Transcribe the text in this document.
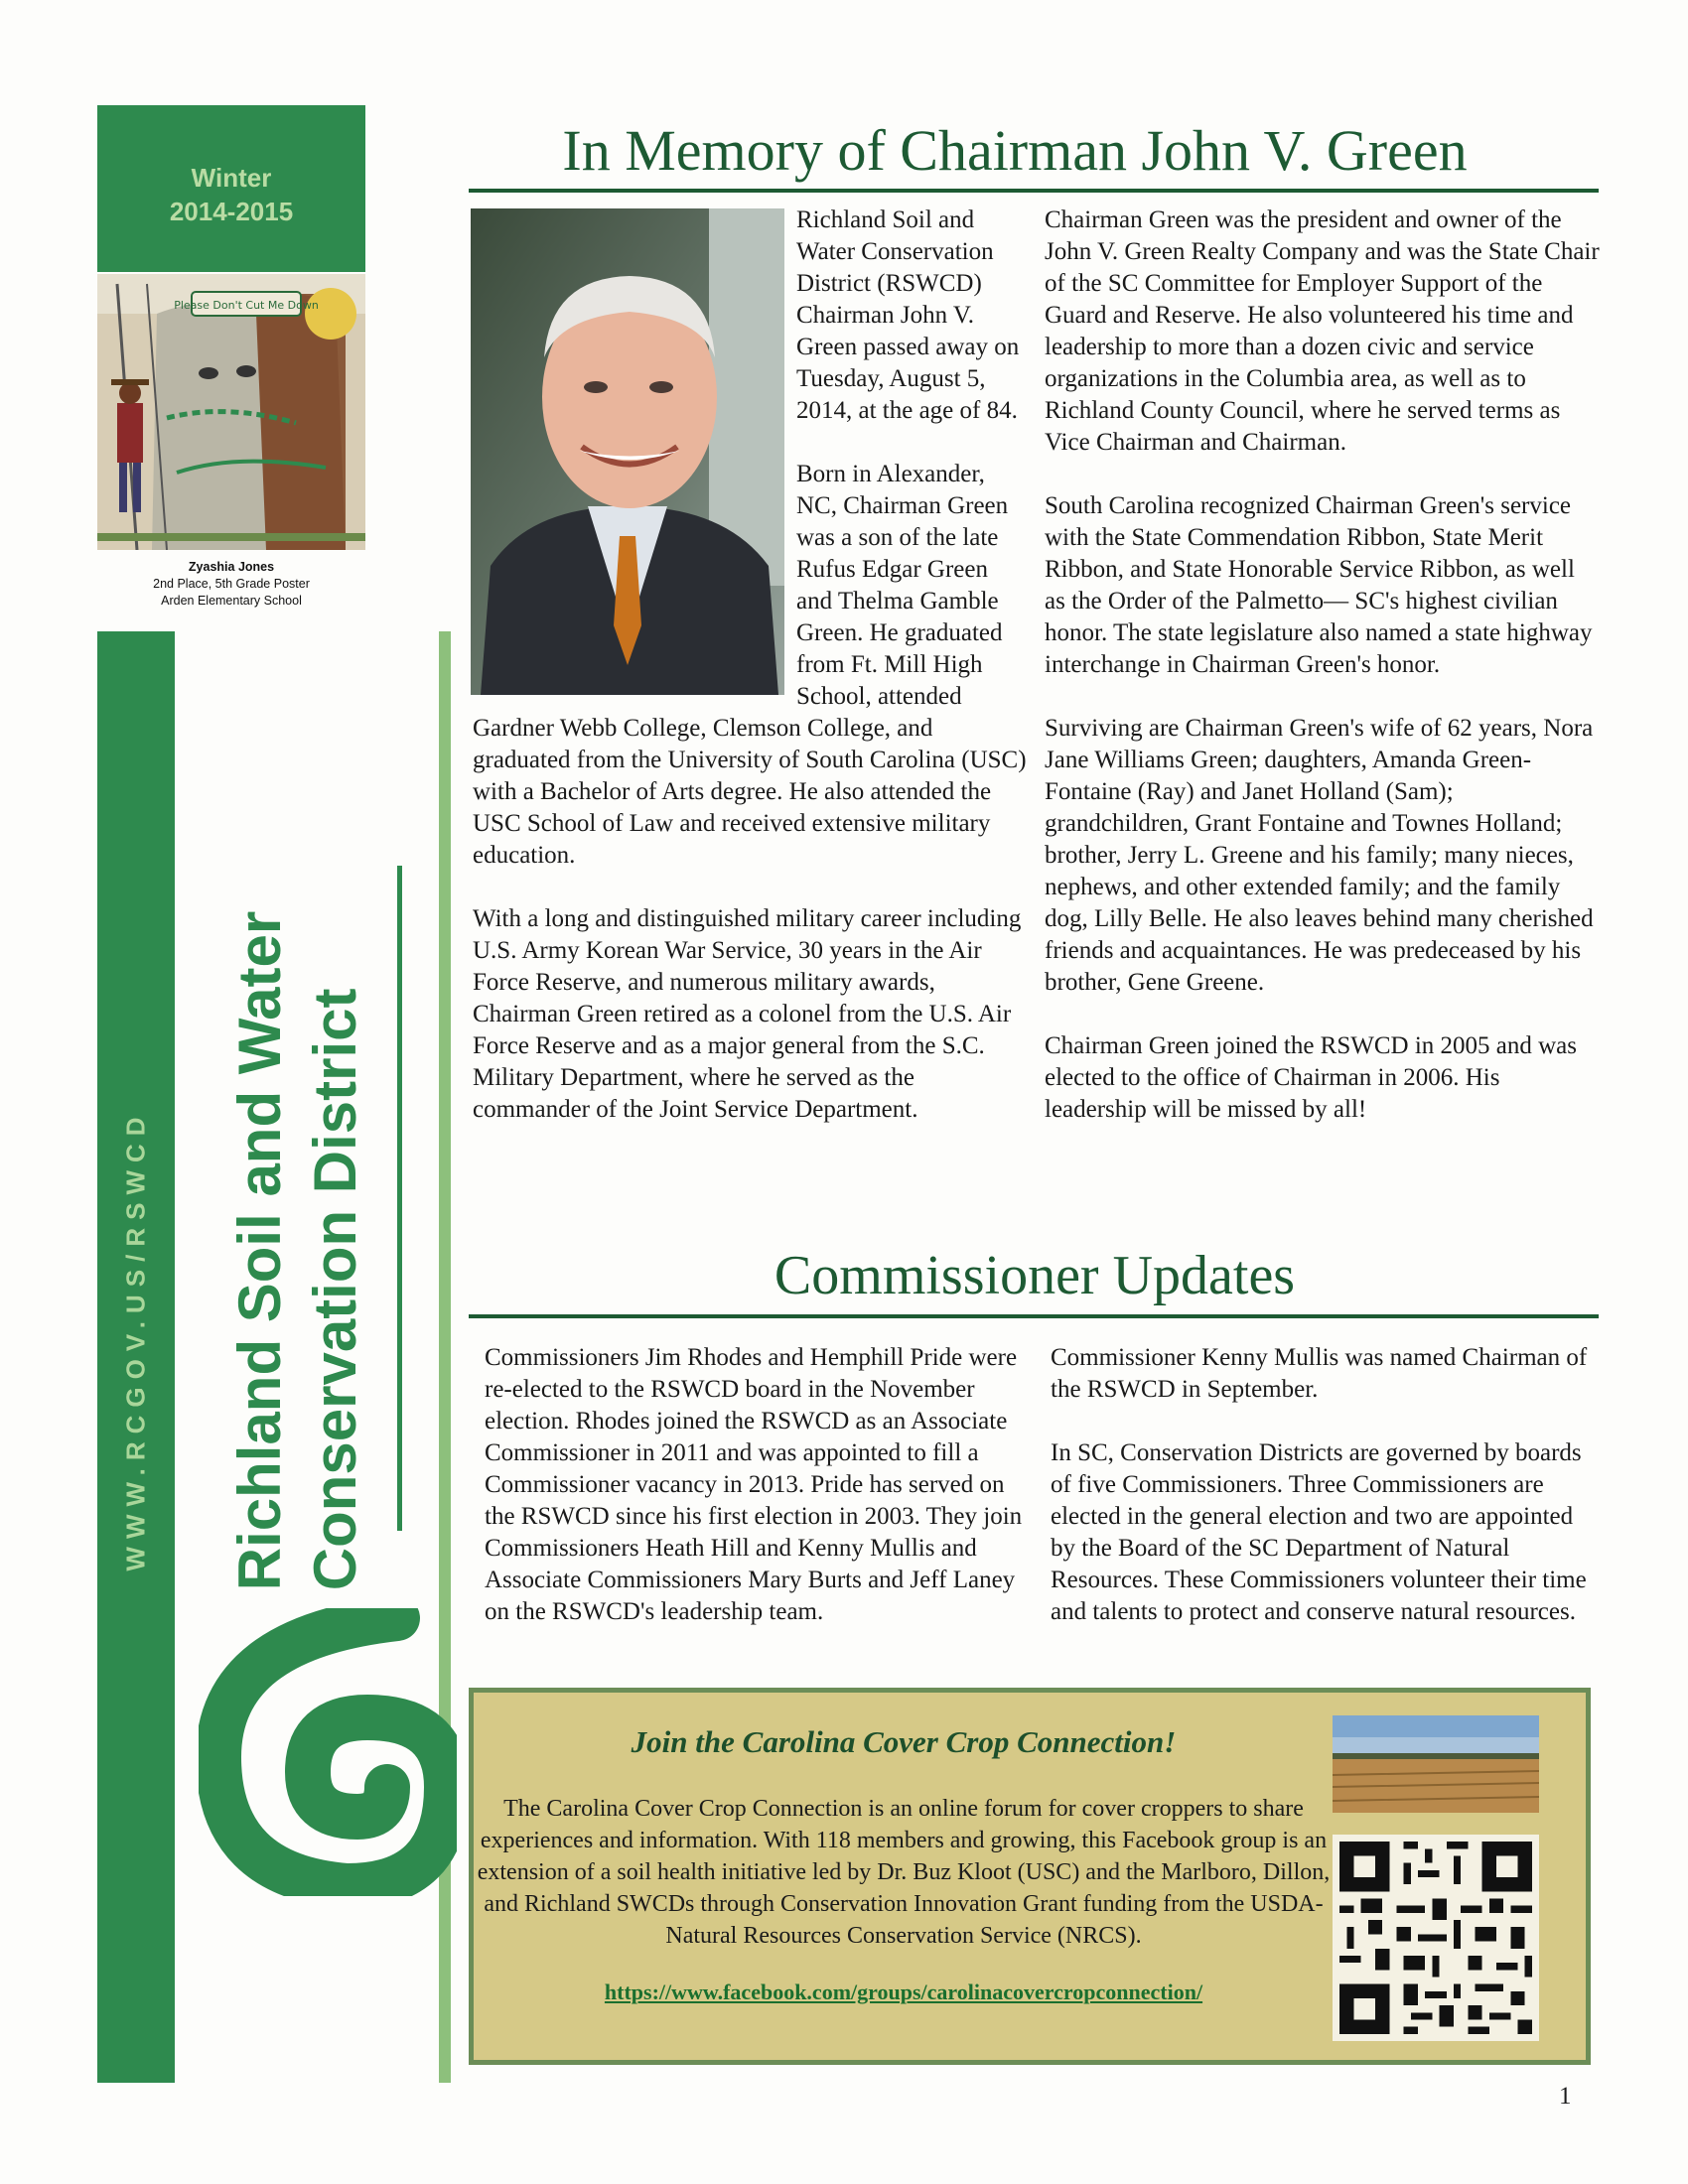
Winter
2014-2015
Please Don't Cut Me Down
Zyashia Jones
2nd Place, 5th Grade Poster
Arden Elementary School
WWW.RCGOV.US/RSWCD Richland Soil and Water Conservation District
In Memory of Chairman John V. Green

Richland Soil and Water Conservation District (RSWCD) Chairman John V. Green passed away on Tuesday, August 5, 2014, at the age of 84.

Born in Alexander, NC, Chairman Green was a son of the late Rufus Edgar Green and Thelma Gamble Green. He graduated from Ft. Mill High School, attended Gardner Webb College, Clemson College, and graduated from the University of South Carolina (USC) with a Bachelor of Arts degree. He also attended the USC School of Law and received extensive military education.

With a long and distinguished military career including U.S. Army Korean War Service, 30 years in the Air Force Reserve, and numerous military awards, Chairman Green retired as a colonel from the U.S. Air Force Reserve and as a major general from the S.C. Military Department, where he served as the commander of the Joint Service Department.

Chairman Green was the president and owner of the John V. Green Realty Company and was the State Chair of the SC Committee for Employer Support of the Guard and Reserve. He also volunteered his time and leadership to more than a dozen civic and service organizations in the Columbia area, as well as to Richland County Council, where he served terms as Vice Chairman and Chairman.

South Carolina recognized Chairman Green's service with the State Commendation Ribbon, State Merit Ribbon, and State Honorable Service Ribbon, as well as the Order of the Palmetto— SC's highest civilian honor. The state legislature also named a state highway interchange in Chairman Green's honor.

Surviving are Chairman Green's wife of 62 years, Nora Jane Williams Green; daughters, Amanda Green-Fontaine (Ray) and Janet Holland (Sam); grandchildren, Grant Fontaine and Townes Holland; brother, Jerry L. Greene and his family; many nieces, nephews, and other extended family; and the family dog, Lilly Belle. He also leaves behind many cherished friends and acquaintances. He was predeceased by his brother, Gene Greene.

Chairman Green joined the RSWCD in 2005 and was elected to the office of Chairman in 2006. His leadership will be missed by all!

Commissioner Updates

Commissioners Jim Rhodes and Hemphill Pride were re-elected to the RSWCD board in the November election. Rhodes joined the RSWCD as an Associate Commissioner in 2011 and was appointed to fill a Commissioner vacancy in 2013. Pride has served on the RSWCD since his first election in 2003. They join Commissioners Heath Hill and Kenny Mullis and Associate Commissioners Mary Burts and Jeff Laney on the RSWCD's leadership team.

Commissioner Kenny Mullis was named Chairman of the RSWCD in September.

In SC, Conservation Districts are governed by boards of five Commissioners. Three Commissioners are elected in the general election and two are appointed by the Board of the SC Department of Natural Resources. These Commissioners volunteer their time and talents to protect and conserve natural resources.

Join the Carolina Cover Crop Connection!
The Carolina Cover Crop Connection is an online forum for cover croppers to share experiences and information. With 118 members and growing, this Facebook group is an extension of a soil health initiative led by Dr. Buz Kloot (USC) and the Marlboro, Dillon, and Richland SWCDs through Conservation Innovation Grant funding from the USDA-Natural Resources Conservation Service (NRCS).
https://www.facebook.com/groups/carolinacovercropconnection/
1
